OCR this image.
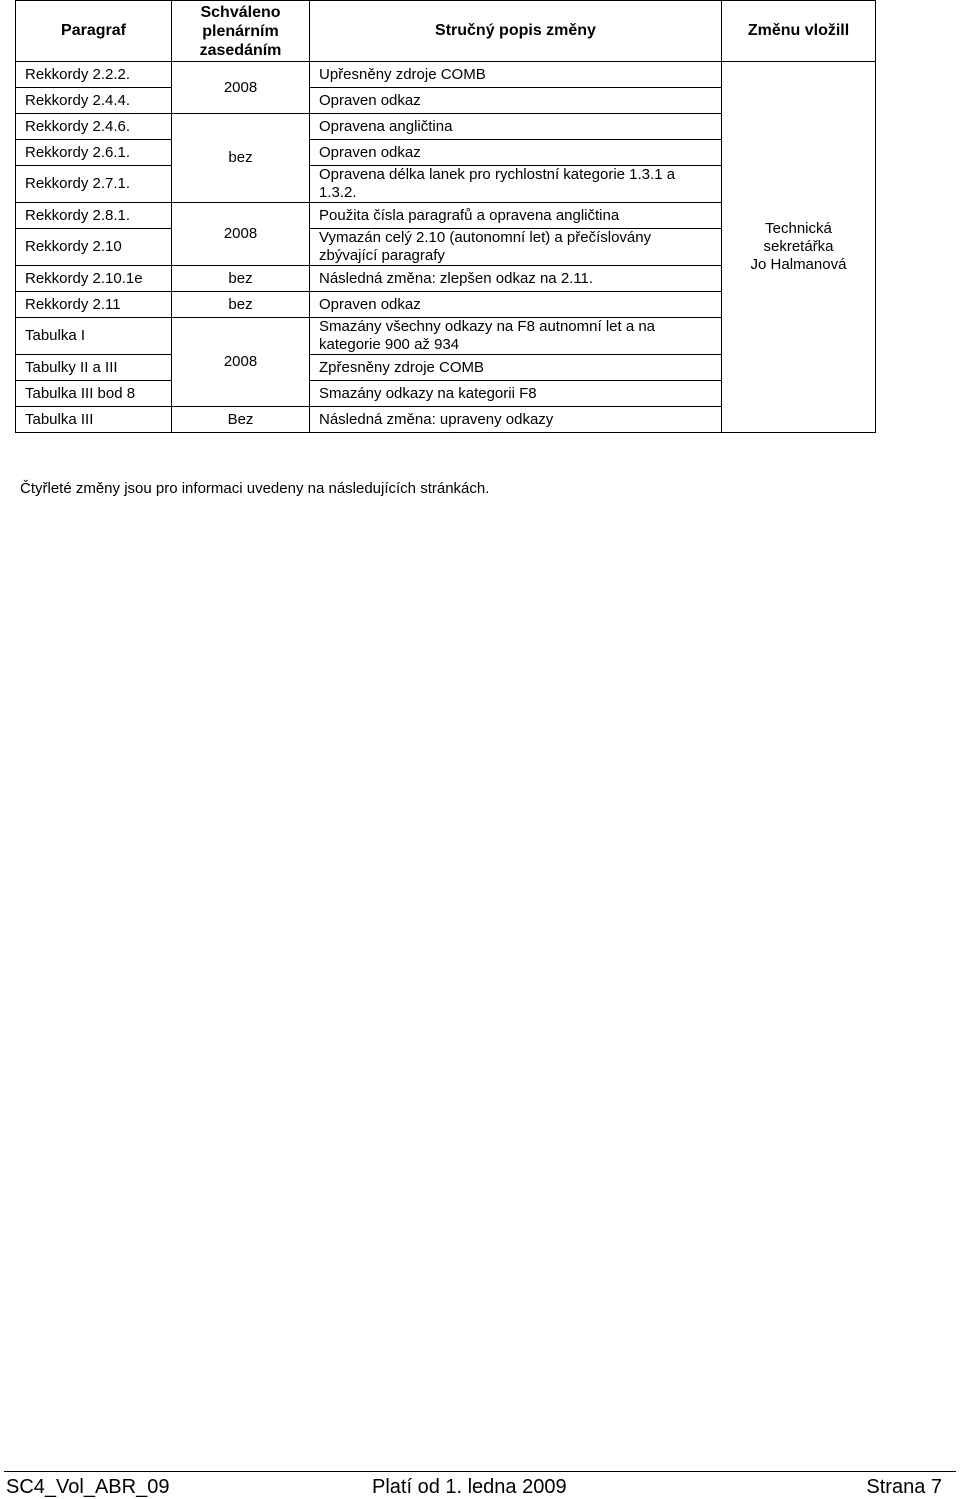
Paragraf	Schváleno
plenárním
zasedáním	Stručný popis změny	Změnu vložill
Rekkordy 2.2.2.	2008	Upřesněny zdroje COMB	Technická
sekretářka
Jo Halmanová

Rekkordy 2.4.4.		Opraven odkaz	
Rekkordy 2.4.6.	bez	Opravena angličtina	
Rekkordy 2.6.1.		Opraven odkaz	
Rekkordy 2.7.1.		Opravena délka lanek pro rychlostní kategorie 1.3.1 a 1.3.2.	
Rekkordy 2.8.1.	2008	Použita čísla paragrafů a opravena angličtina	
Rekkordy 2.10		Vymazán celý 2.10 (autonomní let) a přečíslovány zbývající paragrafy	
Rekkordy 2.10.1e	bez	Následná změna: zlepšen odkaz na 2.11.	
Rekkordy 2.11	bez	Opraven odkaz	
Tabulka I	2008	Smazány všechny odkazy na F8 autnomní let a na kategorie 900 až 934	
Tabulky II a III		Zpřesněny zdroje COMB	
Tabulka III bod 8		Smazány odkazy na kategorii F8	
Tabulka III	Bez	Následná změna: upraveny odkazy	
Čtyřleté změny jsou pro informaci uvedeny na následujících stránkách.
SC4_Vol_ABR_09	Platí od 1. ledna 2009	Strana 7
